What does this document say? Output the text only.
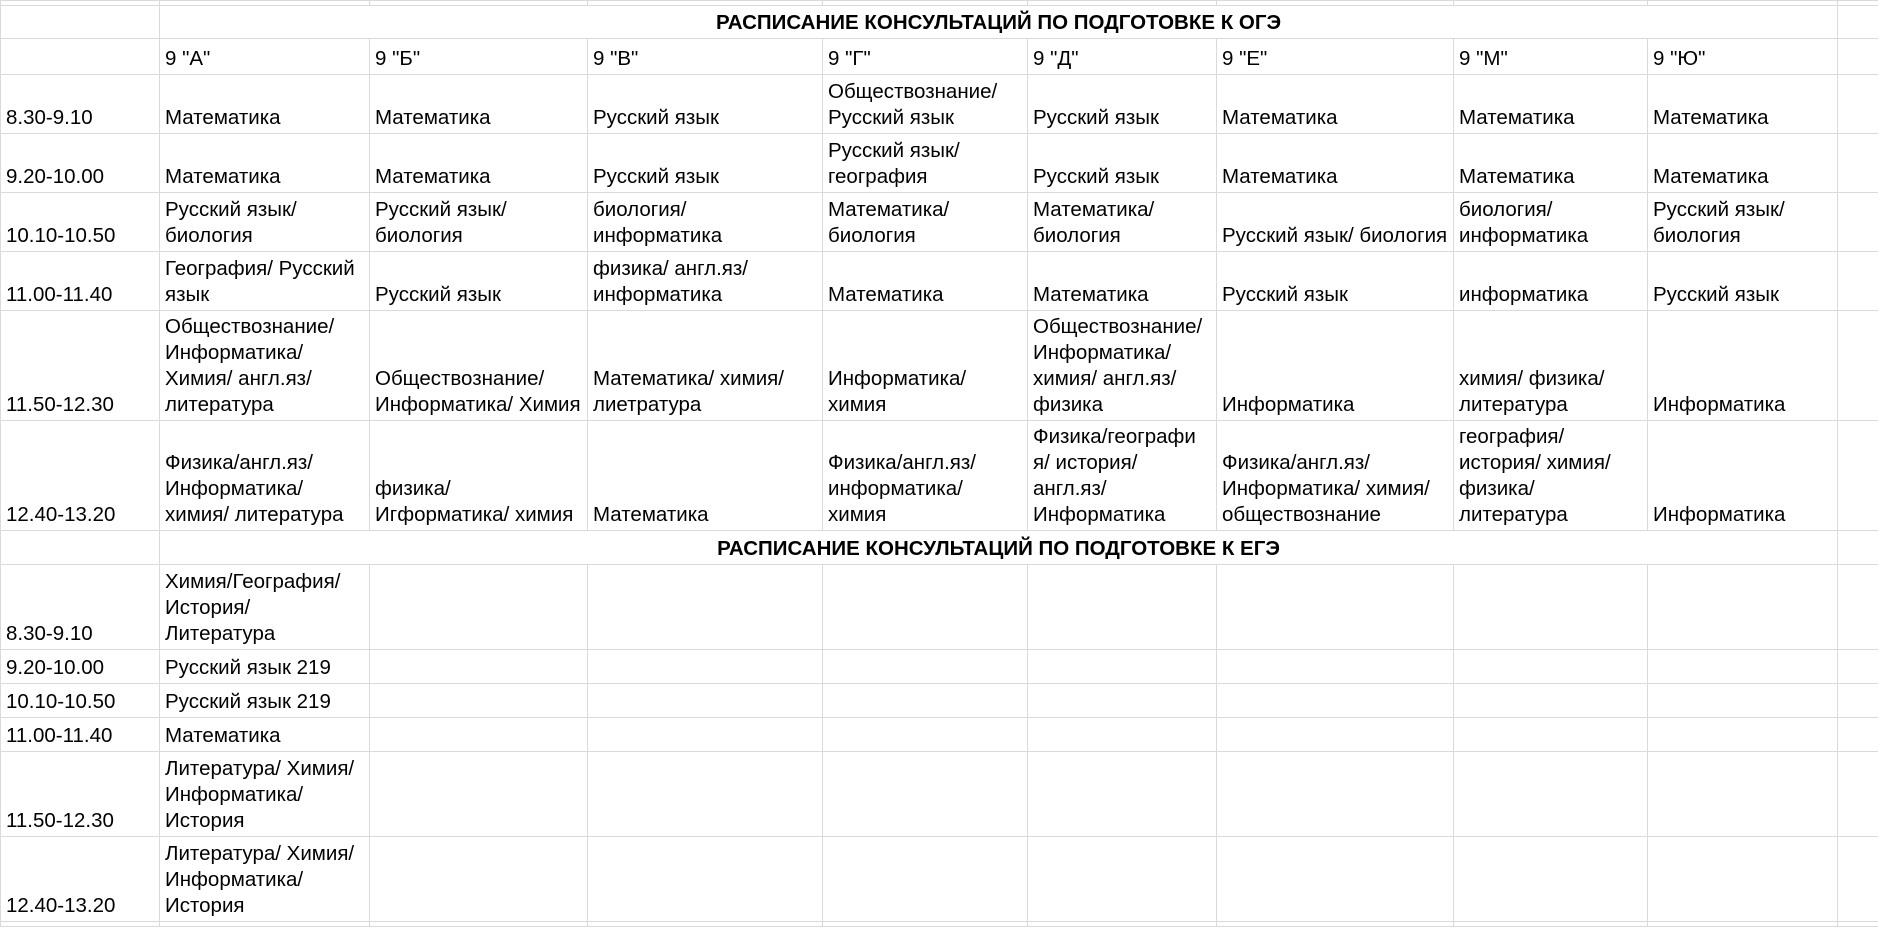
	РАСПИСАНИЕ КОНСУЛЬТАЦИЙ ПО ПОДГОТОВКЕ К ОГЭ								
	9 "А"	9 "Б"	9 "В"	9 "Г"	9 "Д"	9 "Е"	9 "М"	9 "Ю"	
8.30-9.10	Математика	Математика	Русский язык	Обществознание/ Русский язык	Русский язык	Математика	Математика	Математика	
9.20-10.00	Математика	Математика	Русский язык	Русский язык/ география	Русский язык	Математика	Математика	Математика	
10.10-10.50	Русский язык/ биология	Русский язык/ биология	биология/ информатика	Математика/ биология	Математика/ биология	Русский язык/ биология	биология/ информатика	Русский язык/ биология	
11.00-11.40	География/ Русский язык	Русский язык	физика/ англ.яз/ информатика	Математика	Математика	Русский язык	информатика	Русский язык	
11.50-12.30	Обществознание/ Информатика/ Химия/ англ.яз/ литература	Обществознание/ Информатика/ Химия	Математика/ химия/ лиетратура	Информатика/ химия	Обществознание/ Информатика/ химия/ англ.яз/ физика	Информатика	химия/ физика/ литература	Информатика	
12.40-13.20	Физика/англ.яз/ Информатика/ химия/ литература	физика/ Игформатика/ химия	Математика	Физика/англ.яз/ информатика/ химия	Физика/географи я/ история/ англ.яз/ Информатика	Физика/англ.яз/ Информатика/ химия/ обществознание	география/ история/ химия/ физика/ литература	Информатика	
	РАСПИСАНИЕ КОНСУЛЬТАЦИЙ ПО ПОДГОТОВКЕ К ЕГЭ								
8.30-9.10	Химия/География/ История/ Литература								
9.20-10.00	Русский язык 219								
10.10-10.50	Русский язык 219								
11.00-11.40	Математика								
11.50-12.30	Литература/ Химия/ Информатика/ История								
12.40-13.20	Литература/ Химия/ Информатика/ История								
